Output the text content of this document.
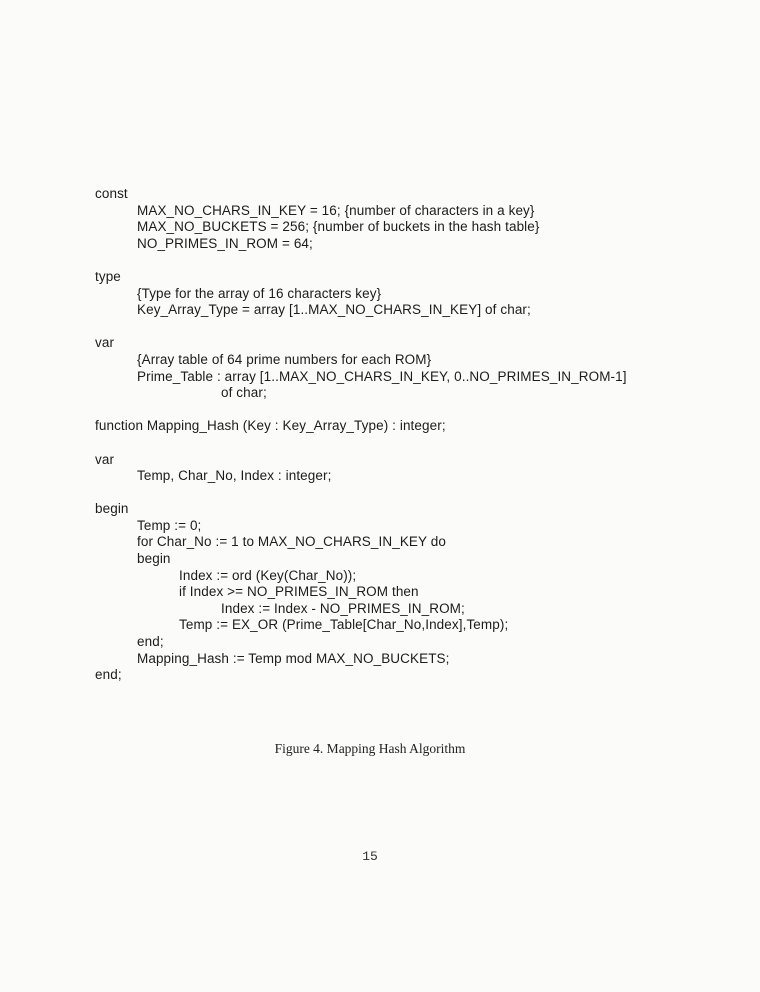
const
MAX_NO_CHARS_IN_KEY = 16; {number of characters in a key}
MAX_NO_BUCKETS = 256; {number of buckets in the hash table}
NO_PRIMES_IN_ROM = 64;
type
{Type for the array of 16 characters key}
Key_Array_Type = array [1..MAX_NO_CHARS_IN_KEY] of char;
var
{Array table of 64 prime numbers for each ROM}
Prime_Table : array [1..MAX_NO_CHARS_IN_KEY, 0..NO_PRIMES_IN_ROM-1]
of char;
function Mapping_Hash (Key : Key_Array_Type) : integer;
var
Temp, Char_No, Index : integer;
begin
Temp := 0;
for Char_No := 1 to MAX_NO_CHARS_IN_KEY do
begin
Index := ord (Key(Char_No));
if Index >= NO_PRIMES_IN_ROM then
Index := Index - NO_PRIMES_IN_ROM;
Temp := EX_OR (Prime_Table[Char_No,Index],Temp);
end;
Mapping_Hash := Temp mod MAX_NO_BUCKETS;
end;
Figure 4. Mapping Hash Algorithm
15
